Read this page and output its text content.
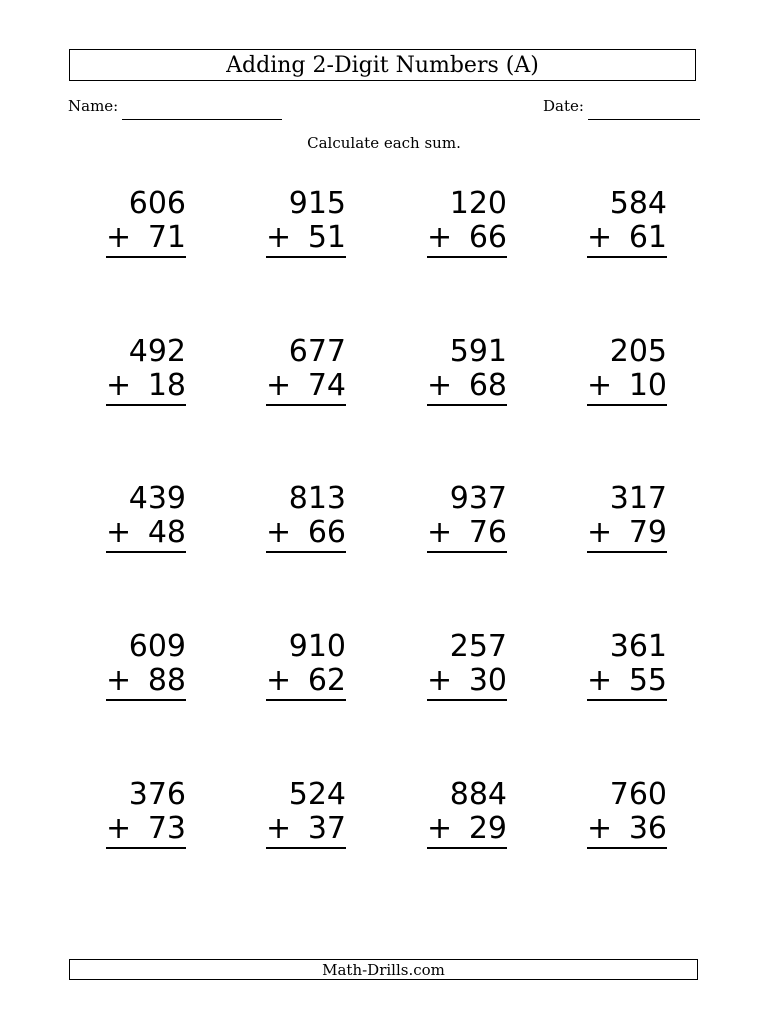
Adding 2-Digit Numbers (A)
Name:	Date:
Calculate each sum.
606
+ 71
915
+ 51
120
+ 66
584
+ 61
492
+ 18
677
+ 74
591
+ 68
205
+ 10
439
+ 48
813
+ 66
937
+ 76
317
+ 79
609
+ 88
910
+ 62
257
+ 30
361
+ 55
376
+ 73
524
+ 37
884
+ 29
760
+ 36
Math-Drills.com
